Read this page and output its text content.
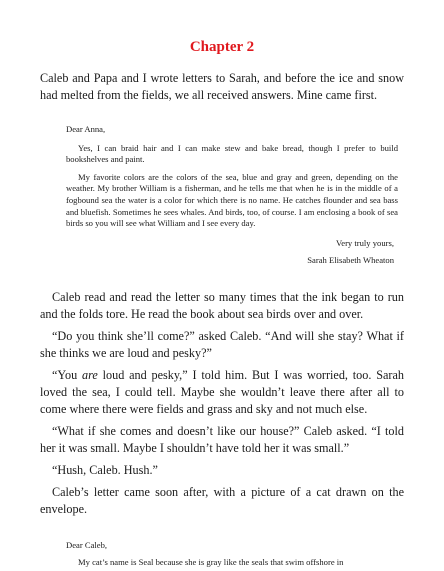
Chapter 2

Caleb and Papa and I wrote letters to Sarah, and before the ice and snow had melted from the fields, we all received answers. Mine came first.

Dear Anna,

Yes, I can braid hair and I can make stew and bake bread, though I prefer to build bookshelves and paint.

My favorite colors are the colors of the sea, blue and gray and green, depending on the weather. My brother William is a fisherman, and he tells me that when he is in the middle of a fogbound sea the water is a color for which there is no name. He catches flounder and sea bass and bluefish. Sometimes he sees whales. And birds, too, of course. I am enclosing a book of sea birds so you will see what William and I see every day.

Very truly yours,

Sarah Elisabeth Wheaton

Caleb read and read the letter so many times that the ink began to run and the folds tore. He read the book about sea birds over and over.

“Do you think she’ll come?” asked Caleb. “And will she stay? What if she thinks we are loud and pesky?”

“You are loud and pesky,” I told him. But I was worried, too. Sarah loved the sea, I could tell. Maybe she wouldn’t leave there after all to come where there were fields and grass and sky and not much else.

“What if she comes and doesn’t like our house?” Caleb asked. “I told her it was small. Maybe I shouldn’t have told her it was small.”

“Hush, Caleb. Hush.”

Caleb’s letter came soon after, with a picture of a cat drawn on the envelope.

Dear Caleb,

My cat’s name is Seal because she is gray like the seals that swim offshore in
